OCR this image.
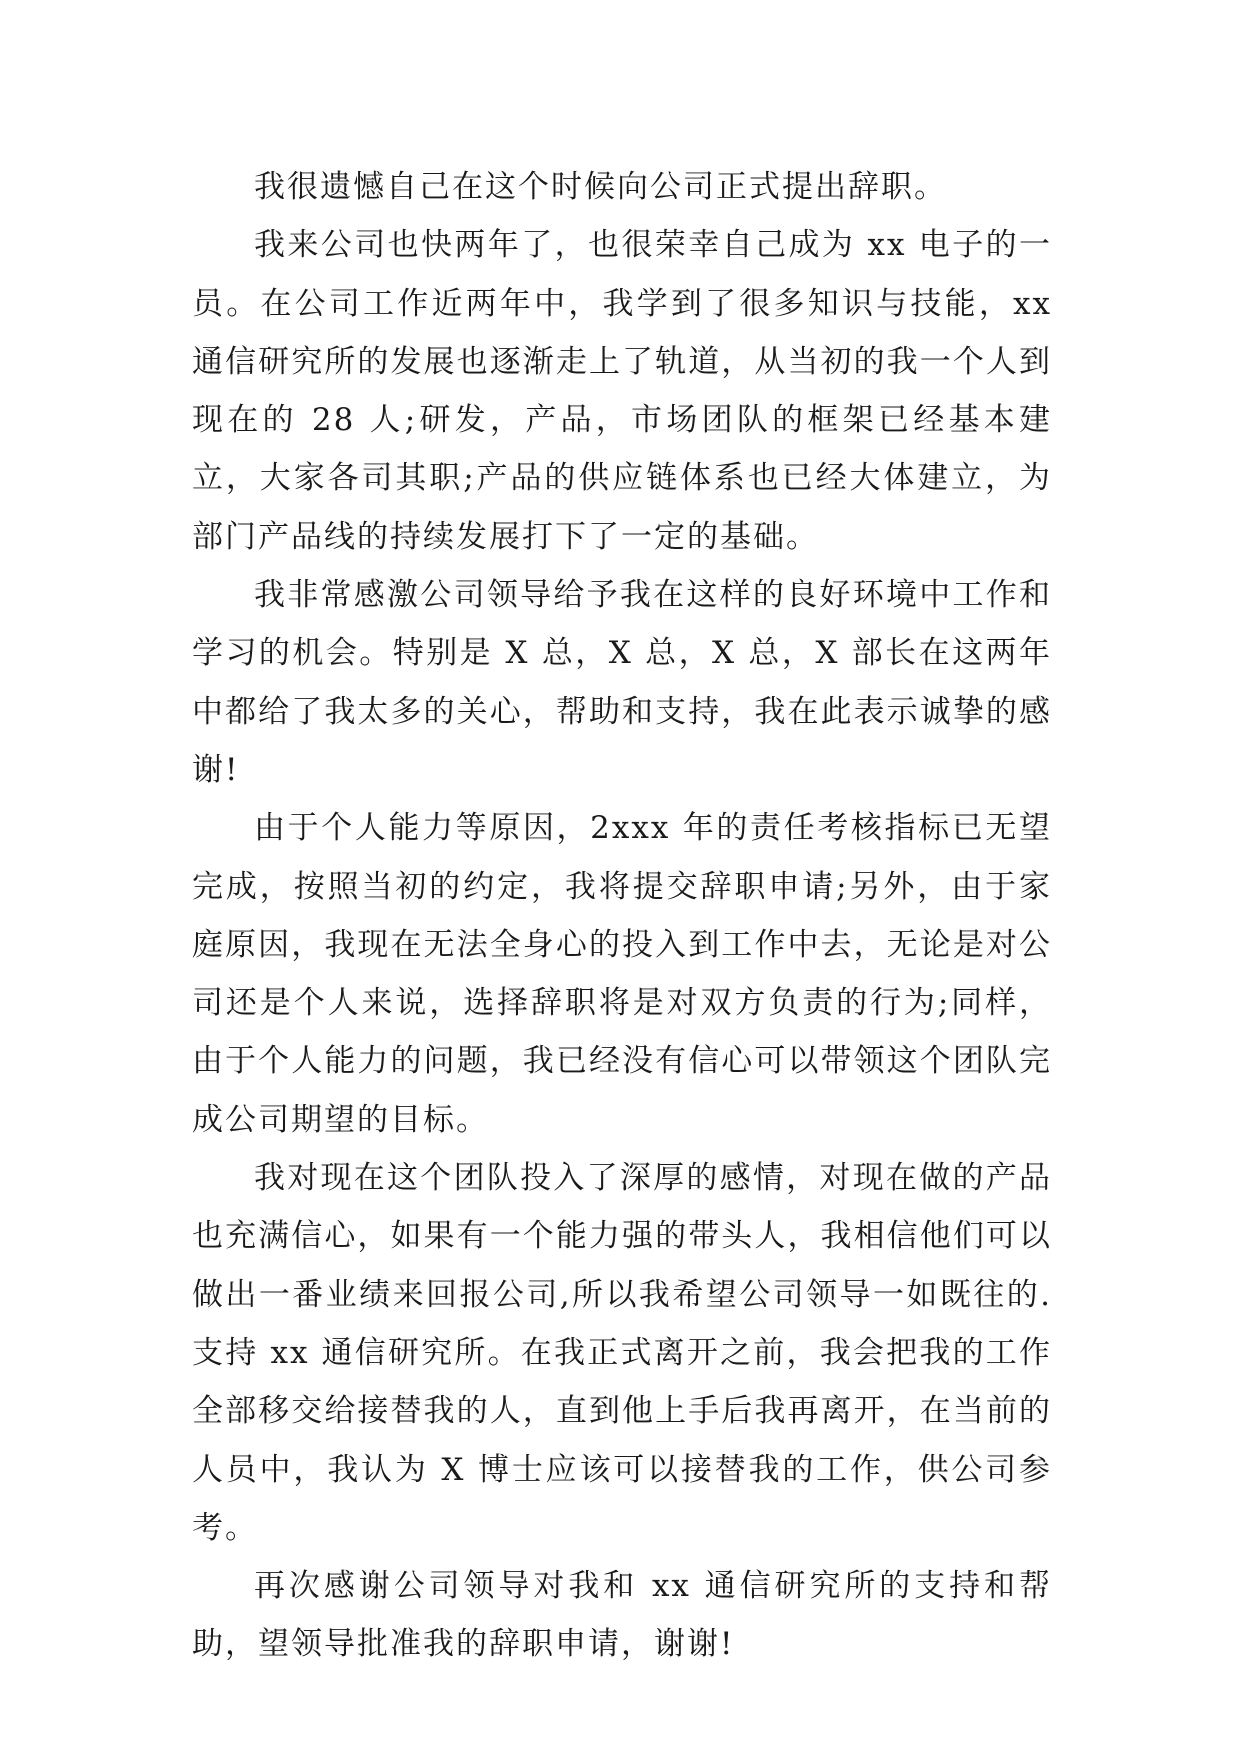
我很遗憾自己在这个时候向公司正式提出辞职。

我来公司也快两年了，也很荣幸自己成为 xx 电子的一员。在公司工作近两年中，我学到了很多知识与技能，xx 通信研究所的发展也逐渐走上了轨道，从当初的我一个人到现在的 28 人;研发，产品，市场团队的框架已经基本建立，大家各司其职;产品的供应链体系也已经大体建立，为部门产品线的持续发展打下了一定的基础。

我非常感激公司领导给予我在这样的良好环境中工作和学习的机会。特别是 X 总，X 总，X 总，X 部长在这两年中都给了我太多的关心，帮助和支持，我在此表示诚挚的感谢!

由于个人能力等原因，2xxx 年的责任考核指标已无望完成，按照当初的约定，我将提交辞职申请;另外，由于家庭原因，我现在无法全身心的投入到工作中去，无论是对公司还是个人来说，选择辞职将是对双方负责的行为;同样，由于个人能力的问题，我已经没有信心可以带领这个团队完成公司期望的目标。

我对现在这个团队投入了深厚的感情，对现在做的产品也充满信心，如果有一个能力强的带头人，我相信他们可以做出一番业绩来回报公司,所以我希望公司领导一如既往的.支持 xx 通信研究所。在我正式离开之前，我会把我的工作全部移交给接替我的人，直到他上手后我再离开，在当前的人员中，我认为 X 博士应该可以接替我的工作，供公司参考。

再次感谢公司领导对我和 xx 通信研究所的支持和帮助，望领导批准我的辞职申请，谢谢!
